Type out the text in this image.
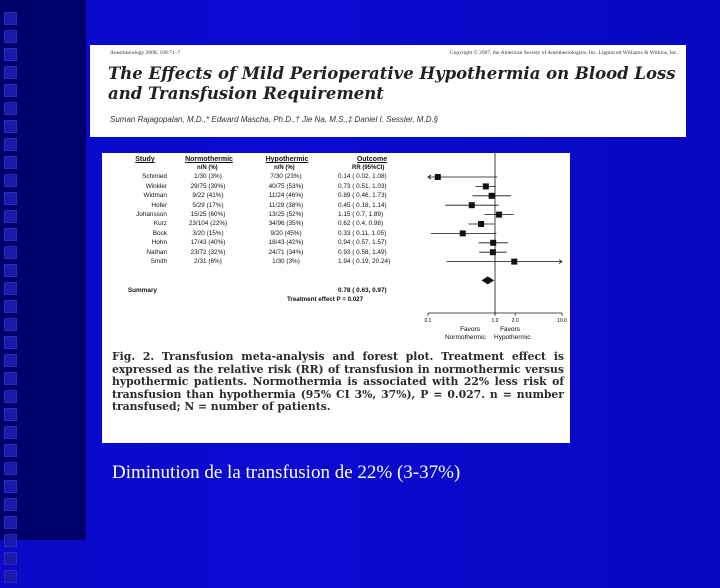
Anesthesiology 2008; 108:71–7	Copyright © 2007, the American Society of Anesthesiologists, Inc. Lippincott Williams & Wilkins, Inc.
The Effects of Mild Perioperative Hypothermia on Blood Loss and Transfusion Requirement
Suman Rajagopalan, M.D.,* Edward Mascha, Ph.D.,† Jie Na, M.S.,‡ Daniel I. Sessler, M.D.§
Study	Normothermic	Hypothermic	Outcome
n/N (%)	n/N (%)	RR (95%CI)
Schmied	1/30 (3%)	7/30 (23%)	0.14 ( 0.02, 1.08)
Winkler	29/75 (39%)	40/75 (53%)	0.73 ( 0.51, 1.03)
Widman	9/22 (41%)	11/24 (46%)	0.89 ( 0.46, 1.73)
Hofer	5/29 (17%)	11/29 (38%)	0.45 ( 0.18, 1.14)
Johansson	15/25 (60%)	13/25 (52%)	1.15 ( 0.7, 1.89)
Kurz	23/104 (22%)	34/96 (35%)	0.62 ( 0.4, 0.98)
Bock	3/20 (15%)	9/20 (45%)	0.33 ( 0.11, 1.05)
Hohn	17/43 (40%)	18/43 (42%)	0.94 ( 0.57, 1.57)
Nathan	23/72 (32%)	24/71 (34%)	0.93 ( 0.58, 1.49)
Smith	2/31 (6%)	1/30 (3%)	1.94 ( 0.19, 20.24)
Summary	0.78 ( 0.63, 0.97)
Treatment effect P = 0.027
0.1	1.0	2.0	10.0
Favors	Favors
Normothermic Hypothermic
Fig. 2. Transfusion meta-analysis and forest plot. Treatment effect is expressed as the relative risk (RR) of transfusion in normothermic versus hypothermic patients. Normothermia is associated with 22% less risk of transfusion than hypothermia (95% CI 3%, 37%), P = 0.027. n = number transfused; N = number of patients.
Diminution de la transfusion de 22% (3-37%)
